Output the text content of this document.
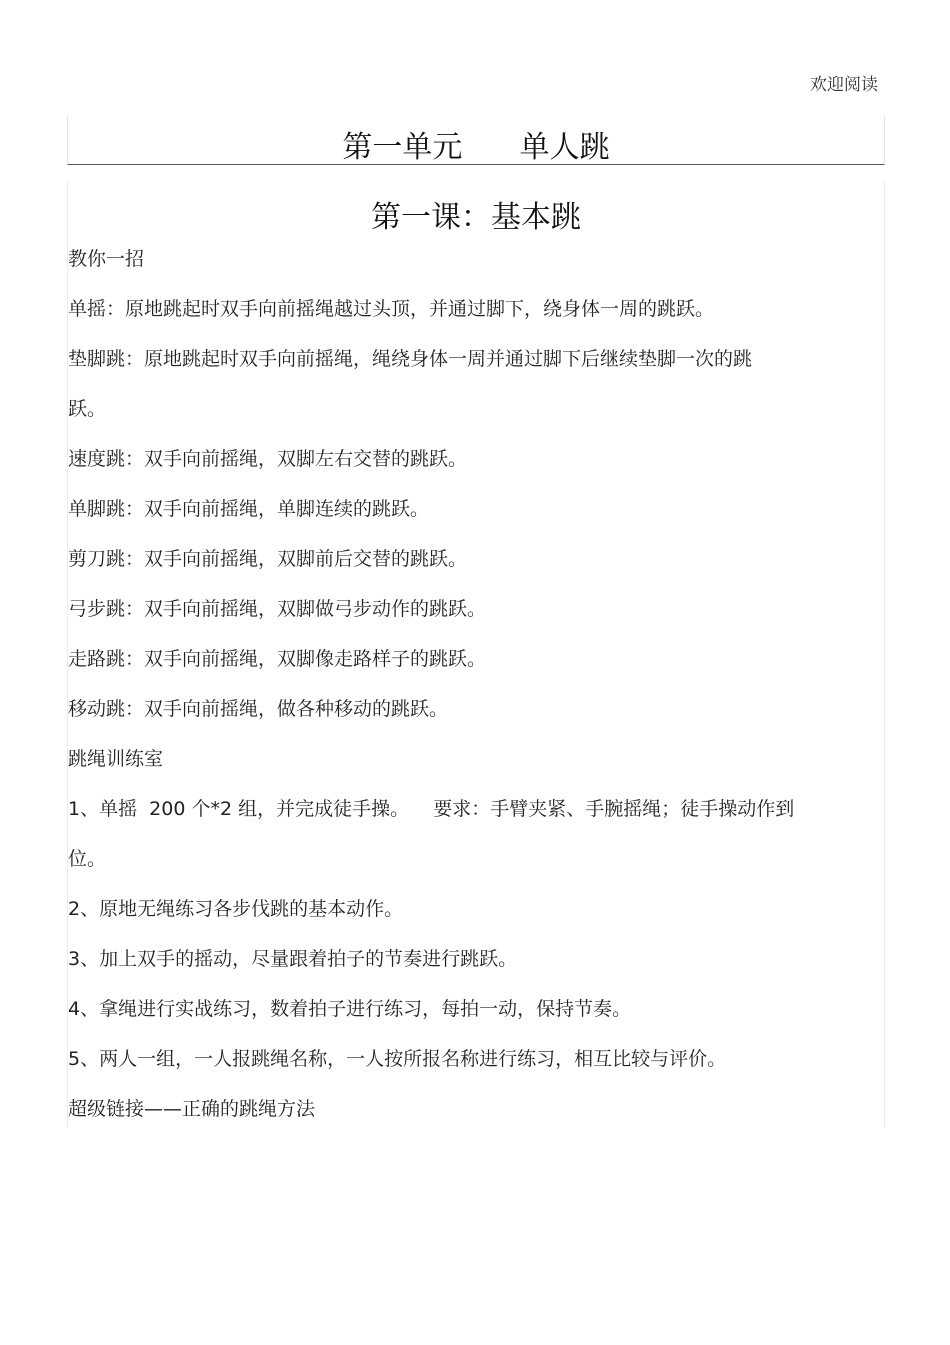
欢迎阅读
第一单元      单人跳
第一课：基本跳
教你一招
单摇：原地跳起时双手向前摇绳越过头顶，并通过脚下，绕身体一周的跳跃。
垫脚跳：原地跳起时双手向前摇绳，绳绕身体一周并通过脚下后继续垫脚一次的跳
跃。
速度跳：双手向前摇绳，双脚左右交替的跳跃。
单脚跳：双手向前摇绳，单脚连续的跳跃。
剪刀跳：双手向前摇绳，双脚前后交替的跳跃。
弓步跳：双手向前摇绳，双脚做弓步动作的跳跃。
走路跳：双手向前摇绳，双脚像走路样子的跳跃。
移动跳：双手向前摇绳，做各种移动的跳跃。
跳绳训练室
1、单摇  200 个*2 组，并完成徒手操。    要求：手臂夹紧、手腕摇绳；徒手操动作到
位。
2、原地无绳练习各步伐跳的基本动作。
3、加上双手的摇动，尽量跟着拍子的节奏进行跳跃。
4、拿绳进行实战练习，数着拍子进行练习，每拍一动，保持节奏。
5、两人一组，一人报跳绳名称，一人按所报名称进行练习，相互比较与评价。
超级链接——正确的跳绳方法
